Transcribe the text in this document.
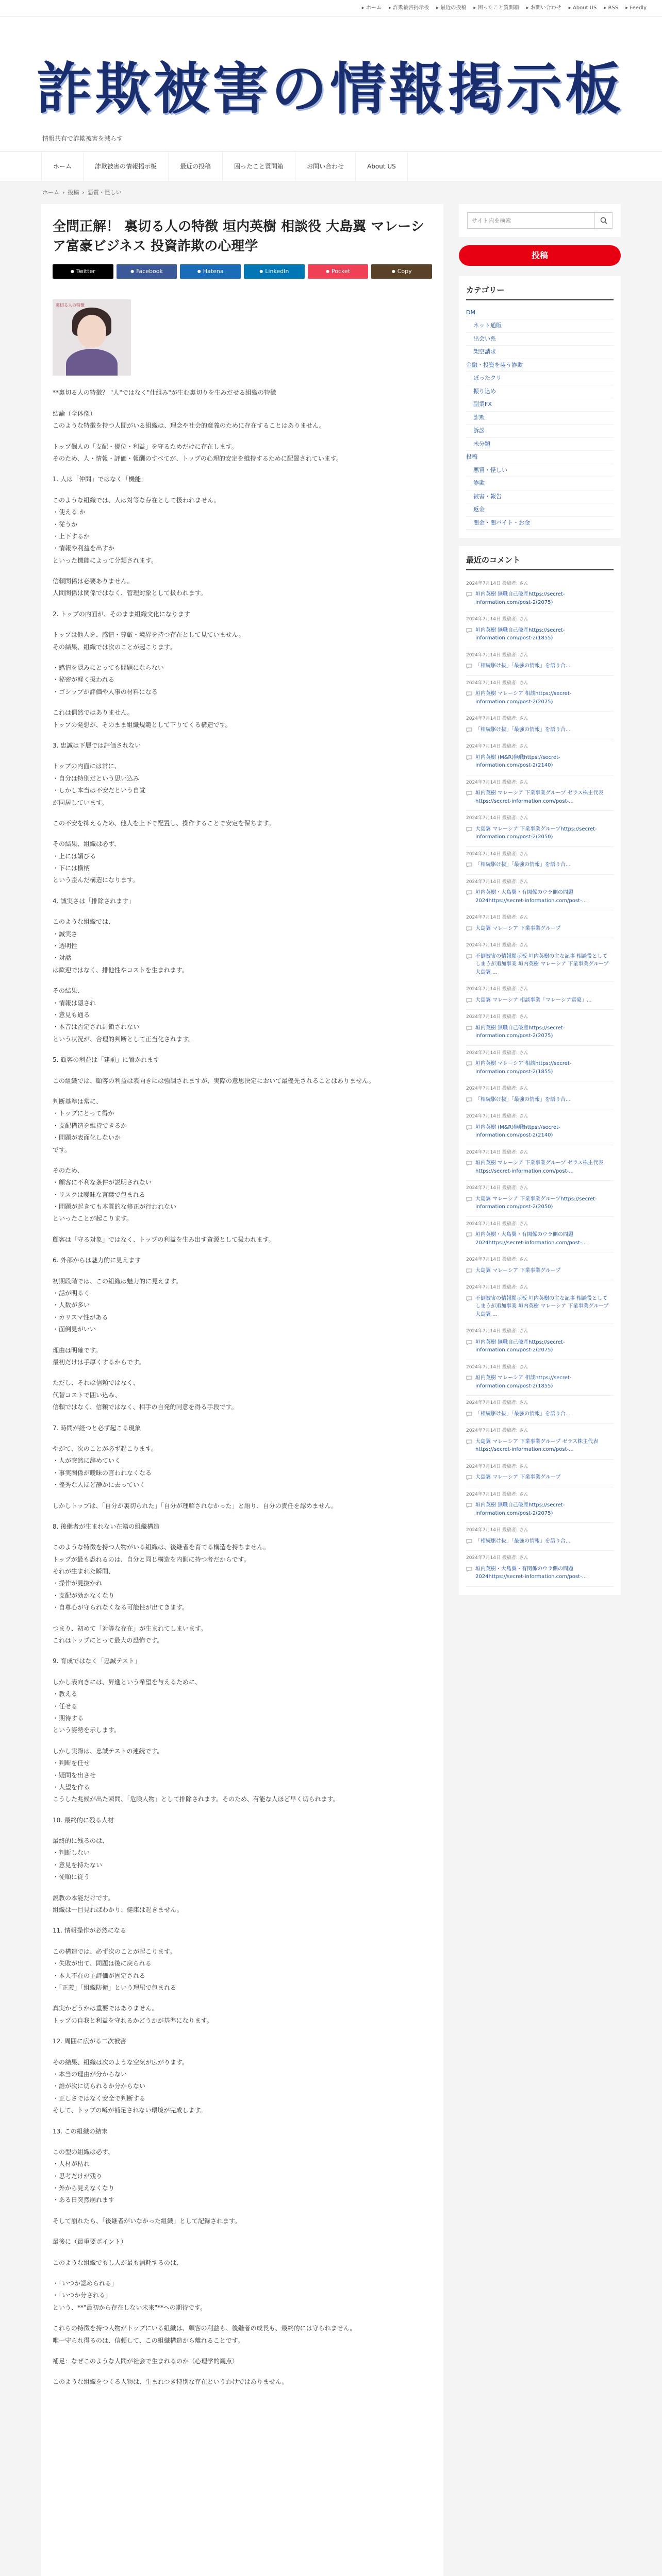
▸ ホーム ▸ 詐欺被害掲示板 ▸ 最近の投稿 ▸ 困ったこと質問箱 ▸ お問い合わせ ▸ About US ▸ RSS ▸ Feedly
詐欺被害の情報掲示板
情報共有で詐欺被害を減らす
ホーム	詐欺被害の情報掲示板	最近の投稿	困ったこと質問箱	お問い合わせ	About US
ホーム › 投稿 › 悪質・怪しい
全問正解！ 裏切る人の特徴 垣内英樹 相談役 大島翼 マレーシア富豪ビジネス 投資詐欺の心理学
● Twitter	● Facebook	● Hatena	● LinkedIn	● Pocket	● Copy
裏切る人の特徴

**裏切る人の特徴？ "人"ではなく"仕組み"が生む裏切りを生みだせる組織の特徴

結論（全体像）
このような特徴を持つ人間がいる組織は、理念や社会的意義のために存在することはありません。

トップ個人の「支配・優位・利益」を守るためだけに存在します。
そのため、人・情報・評価・報酬のすべてが、トップの心理的安定を維持するために配置されています。

1. 人は「仲間」ではなく「機能」

このような組織では、人は対等な存在として扱われません。
・使える か
・従うか
・上下するか
・情報や利益を出すか
といった機能によって分類されます。

信頼関係は必要ありません。
人間関係は関係ではなく、管理対象として扱われます。

2. トップの内面が、そのまま組織文化になります

トップは他人を、感情・尊厳・境界を持つ存在として見ていません。
その結果、組織では次のことが起こります。

・感情を隠みにとっても問題にならない
・秘密が軽く扱われる
・ゴシップが評価や人事の材料になる

これは偶然ではありません。
トップの発想が、そのまま組織規範として下りてくる構造です。

3. 忠誠は下層では評価されない

トップの内面には常に、
・自分は特別だという思い込み
・しかし本当は不安だという自覚
が同居しています。

この不安を抑えるため、他人を上下で配置し、操作することで安定を保ちます。

その結果、組織は必ず、
・上には媚びる
・下には横柄
という歪んだ構造になります。

4. 誠実さは「排除されます」

このような組織では、
・誠実さ
・透明性
・対話
は歓迎ではなく、排他性やコストを生まれます。

その結果、
・情報は隠され
・意見も通る
・本音は否定され封鎖されない
という状況が、合理的判断として正当化されます。

5. 顧客の利益は「建前」に置かれます

この組織では、顧客の利益は表向きには強調されますが、実際の意思決定において最優先されることはありません。

判断基準は常に、
・トップにとって得か
・支配構造を維持できるか
・問題が表面化しないか
です。

そのため、
・顧客に不利な条件が説明されない
・リスクは曖昧な言葉で包まれる
・問題が起きても本質的な修正が行われない
といったことが起こります。

顧客は「守る対象」ではなく、トップの利益を生み出す資源として扱われます。

6. 外部からは魅力的に見えます

初期段階では、この組織は魅力的に見えます。
・話が明るく
・人数が多い
・カリスマ性がある
・面倒見がいい

理由は明確です。
最初だけは手厚くするからです。

ただし、それは信頼ではなく、
代替コストで囲い込み、
信頼ではなく、信頼ではなく、相手の自発的同意を得る手段です。

7. 時間が経つと必ず起こる現象

やがて、次のことが必ず起こります。
・人が突然に辞めていく
・事実関係が曖昧の言われなくなる
・優秀な人ほど静かに去っていく

しかしトップは、「自分が裏切られた」「自分が理解されなかった」と語り、自分の責任を認めません。

8. 後継者が生まれない在籍の組織構造

このような特徴を持つ人物がいる組織は、後継者を育てる構造を持ちません。
トップが最も恐れるのは、自分と同じ構造を内側に持つ者だからです。
それが生まれた瞬間、
・操作が見抜かれ
・支配が効かなくなり
・自尊心が守られなくなる可能性が出てきます。

つまり、初めて「対等な存在」が生まれてしまいます。
これはトップにとって最大の恐怖です。

9. 育成ではなく「忠誠テスト」

しかし表向きには、昇進という希望を与えるために、
・教える
・任せる
・期待する
という姿勢を示します。

しかし実際は、忠誠テストの連続です。
・判断を任せ
・疑問を出させ
・人望を作る
こうした兆候が出た瞬間、「危険人物」として排除されます。そのため、有能な人ほど早く切られます。

10. 最終的に残る人材

最終的に残るのは、
・判断しない
・意見を持たない
・従順に従う

説教の本能だけです。
組織は一目見ればわかり、健康は起きません。

11. 情報操作が必然になる

この構造では、必ず次のことが起こります。
・失敗が出て、問題は後に戻られる
・本人不在の主評価が固定される
・「正義」「組織防衛」という理屈で包まれる

真実かどうかは重要ではありません。
トップの自我と利益を守れるかどうかが基準になります。

12. 周囲に広がる二次被害

その結果、組織は次のような空気が広がります。
・本当の理由が分からない
・誰が次に切られるか分からない
・正しさではなく安全で判断する
そして、トップの噂が補足されない環境が完成します。

13. この組織の結末

この型の組織は必ず、
・人材が枯れ
・思考だけが残り
・外から見えなくなり
・ある日突然崩れます

そして崩れたら、「後継者がいなかった組織」として記録されます。

最後に（最重要ポイント）

このような組織でもし人が最も消耗するのは、

・「いつか認められる」
・「いつか分される」
という、**"最初から存在しない未来"**への期待です。

これらの特徴を持つ人物がトップにいる組織は、顧客の利益も、後継者の成長も、最終的には守られません。
唯一守られ得るのは、信頼して、この組織構造から離れることです。

補足：なぜこのような人間が社会で生まれるのか（心理学的観点）

このような組織をつくる人物は、生まれつき特別な存在というわけではありません。

サイト内を検索
投稿
カテゴリー
DM
ネット通販
出会い系
架空請求
金融・投資を装う詐欺
ぼったクリ
振り込め
副業FX
詐欺
訴訟
未分類
投稿
悪質・怪しい
詐欺
被害・報告
返金
闇金・闇バイト・お金
最近のコメント
2024年7月14日 投稿者: さん
垣内英樹 無職自己破産https://secret-information.com/post-2(2075)
2024年7月14日 投稿者: さん
垣内英樹 無職自己破産https://secret-information.com/post-2(1855)
2024年7月14日 投稿者: さん
「相続駆け抜」「最強の情報」を語り合...
2024年7月14日 投稿者: さん
垣内英樹 マレーシア 相談https://secret-information.com/post-2(2075)
2024年7月14日 投稿者: さん
「相続駆け抜」「最強の情報」を語り合...
2024年7月14日 投稿者: さん
垣内英樹 (M&R)無職https://secret-information.com/post-2(2140)
2024年7月14日 投稿者: さん
垣内英樹 マレーシア 下業事業グループ ゼラス株主代表https://secret-information.com/post-...
2024年7月14日 投稿者: さん
大島翼 マレーシア 下業事業グループhttps://secret-information.com/post-2(2050)
2024年7月14日 投稿者: さん
「相続駆け抜」「最強の情報」を語り合...
2024年7月14日 投稿者: さん
垣内英樹・大島翼・有関係のウラ側の問題2024https://secret-information.com/post-...
2024年7月14日 投稿者: さん
大島翼 マレーシア 下業事業グループ
2024年7月14日 投稿者: さん
不倒被害の情報掲示板 垣内英樹の主な記事 相談役として しまうが追加事業 垣内英樹 マレーシア 下業事業グループ 大島翼 ...
2024年7月14日 投稿者: さん
大島翼 マレーシア 相談事業「マレーシア富豪」...
2024年7月14日 投稿者: さん
垣内英樹 無職自己破産https://secret-information.com/post-2(2075)
2024年7月14日 投稿者: さん
垣内英樹 マレーシア 相談https://secret-information.com/post-2(1855)
2024年7月14日 投稿者: さん
「相続駆け抜」「最強の情報」を語り合...
2024年7月14日 投稿者: さん
垣内英樹 (M&R)無職https://secret-information.com/post-2(2140)
2024年7月14日 投稿者: さん
垣内英樹 マレーシア 下業事業グループ ゼラス株主代表https://secret-information.com/post-...
2024年7月14日 投稿者: さん
大島翼 マレーシア 下業事業グループhttps://secret-information.com/post-2(2050)
2024年7月14日 投稿者: さん
垣内英樹・大島翼・有関係のウラ側の問題2024https://secret-information.com/post-...
2024年7月14日 投稿者: さん
大島翼 マレーシア 下業事業グループ
2024年7月14日 投稿者: さん
不倒被害の情報掲示板 垣内英樹の主な記事 相談役として しまうが追加事業 垣内英樹 マレーシア 下業事業グループ 大島翼 ...
2024年7月14日 投稿者: さん
垣内英樹 無職自己破産https://secret-information.com/post-2(2075)
2024年7月14日 投稿者: さん
垣内英樹 マレーシア 相談https://secret-information.com/post-2(1855)
2024年7月14日 投稿者: さん
「相続駆け抜」「最強の情報」を語り合...
2024年7月14日 投稿者: さん
大島翼 マレーシア 下業事業グループ ゼラス株主代表https://secret-information.com/post-...
2024年7月14日 投稿者: さん
大島翼 マレーシア 下業事業グループ
2024年7月14日 投稿者: さん
垣内英樹 無職自己破産https://secret-information.com/post-2(2075)
2024年7月14日 投稿者: さん
「相続駆け抜」「最強の情報」を語り合...
2024年7月14日 投稿者: さん
垣内英樹・大島翼・有関係のウラ側の問題2024https://secret-information.com/post-...
